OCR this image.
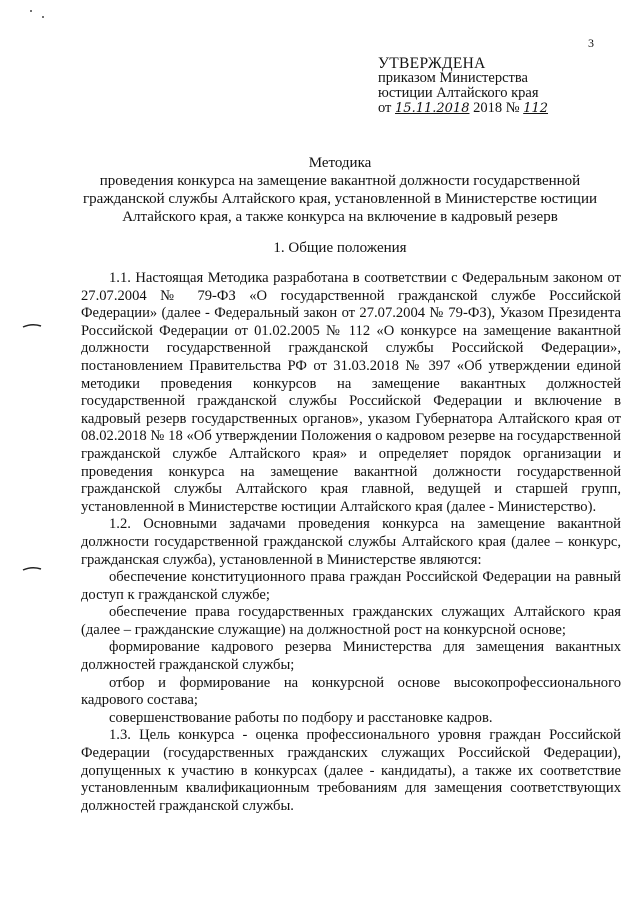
3
УТВЕРЖДЕНА
приказом Министерства
юстиции Алтайского края
от 15.11.2018 2018 № 112
Методика
проведения конкурса на замещение вакантной должности государственной
гражданской службы Алтайского края, установленной в Министерстве юстиции
Алтайского края, а также конкурса на включение в кадровый резерв
1. Общие положения

1.1. Настоящая Методика разработана в соответствии с Федеральным законом от 27.07.2004 № 79-ФЗ «О государственной гражданской службе Российской Федерации» (далее - Федеральный закон от 27.07.2004 № 79-ФЗ), Указом Президента Российской Федерации от 01.02.2005 № 112 «О конкурсе на замещение вакантной должности государственной гражданской службы Российской Федерации», постановлением Правительства РФ от 31.03.2018 № 397 «Об утверждении единой методики проведения конкурсов на замещение вакантных должностей государственной гражданской службы Российской Федерации и включение в кадровый резерв государственных органов», указом Губернатора Алтайского края от 08.02.2018 № 18 «Об утверждении Положения о кадровом резерве на государственной гражданской службе Алтайского края» и определяет порядок организации и проведения конкурса на замещение вакантной должности государственной гражданской службы Алтайского края главной, ведущей и старшей групп, установленной в Министерстве юстиции Алтайского края (далее - Министерство).

1.2. Основными задачами проведения конкурса на замещение вакантной должности государственной гражданской службы Алтайского края (далее – конкурс, гражданская служба), установленной в Министерстве являются:

обеспечение конституционного права граждан Российской Федерации на равный доступ к гражданской службе;

обеспечение права государственных гражданских служащих Алтайского края (далее – гражданские служащие) на должностной рост на конкурсной основе;

формирование кадрового резерва Министерства для замещения вакантных должностей гражданской службы;

отбор и формирование на конкурсной основе высокопрофессионального кадрового состава;

совершенствование работы по подбору и расстановке кадров.

1.3. Цель конкурса - оценка профессионального уровня граждан Российской Федерации (государственных гражданских служащих Российской Федерации), допущенных к участию в конкурсах (далее - кандидаты), а также их соответствие установленным квалификационным требованиям для замещения соответствующих должностей гражданской службы.
